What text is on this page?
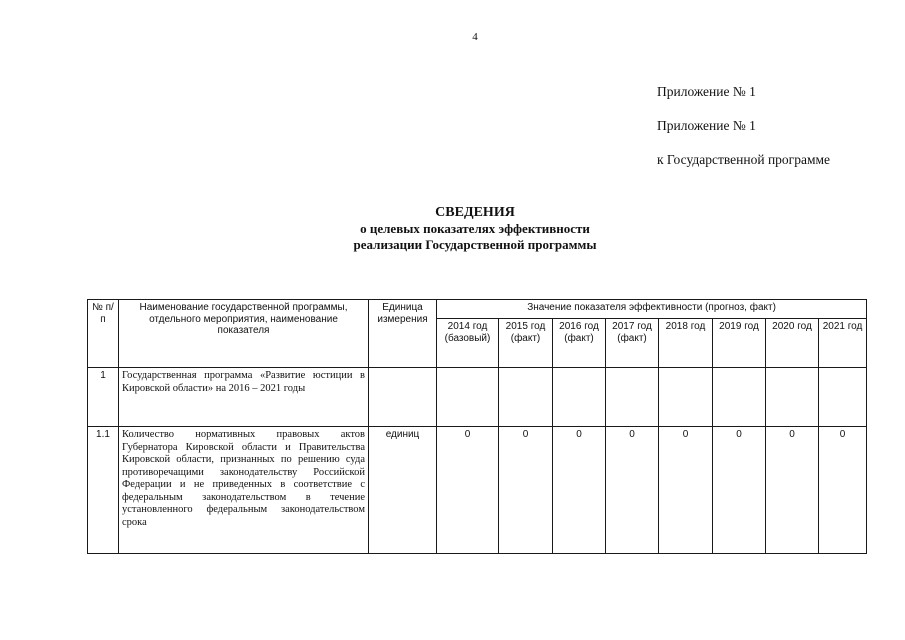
4
Приложение № 1
Приложение № 1
к Государственной программе
СВЕДЕНИЯ
о целевых показателях эффективности
реализации Государственной программы
№ п/п	Наименование государственной программы, отдельного мероприятия, наименование показателя	Единица измерения	Значение показателя эффективности (прогноз, факт)							
			2014 год (базовый)	2015 год (факт)	2016 год (факт)	2017 год (факт)	2018 год	2019 год	2020 год	2021 год
1	Государственная программа «Развитие юстиции в Кировской области» на 2016 – 2021 годы									
1.1	Количество нормативных правовых актов Губернатора Кировской области и Правительства Кировской области, признанных по решению суда противоречащими законодательству Российской Федерации и не приведенных в соответствие с федеральным законодательством в течение установленного федеральным законодательством срока	единиц	0	0	0	0	0	0	0	0
